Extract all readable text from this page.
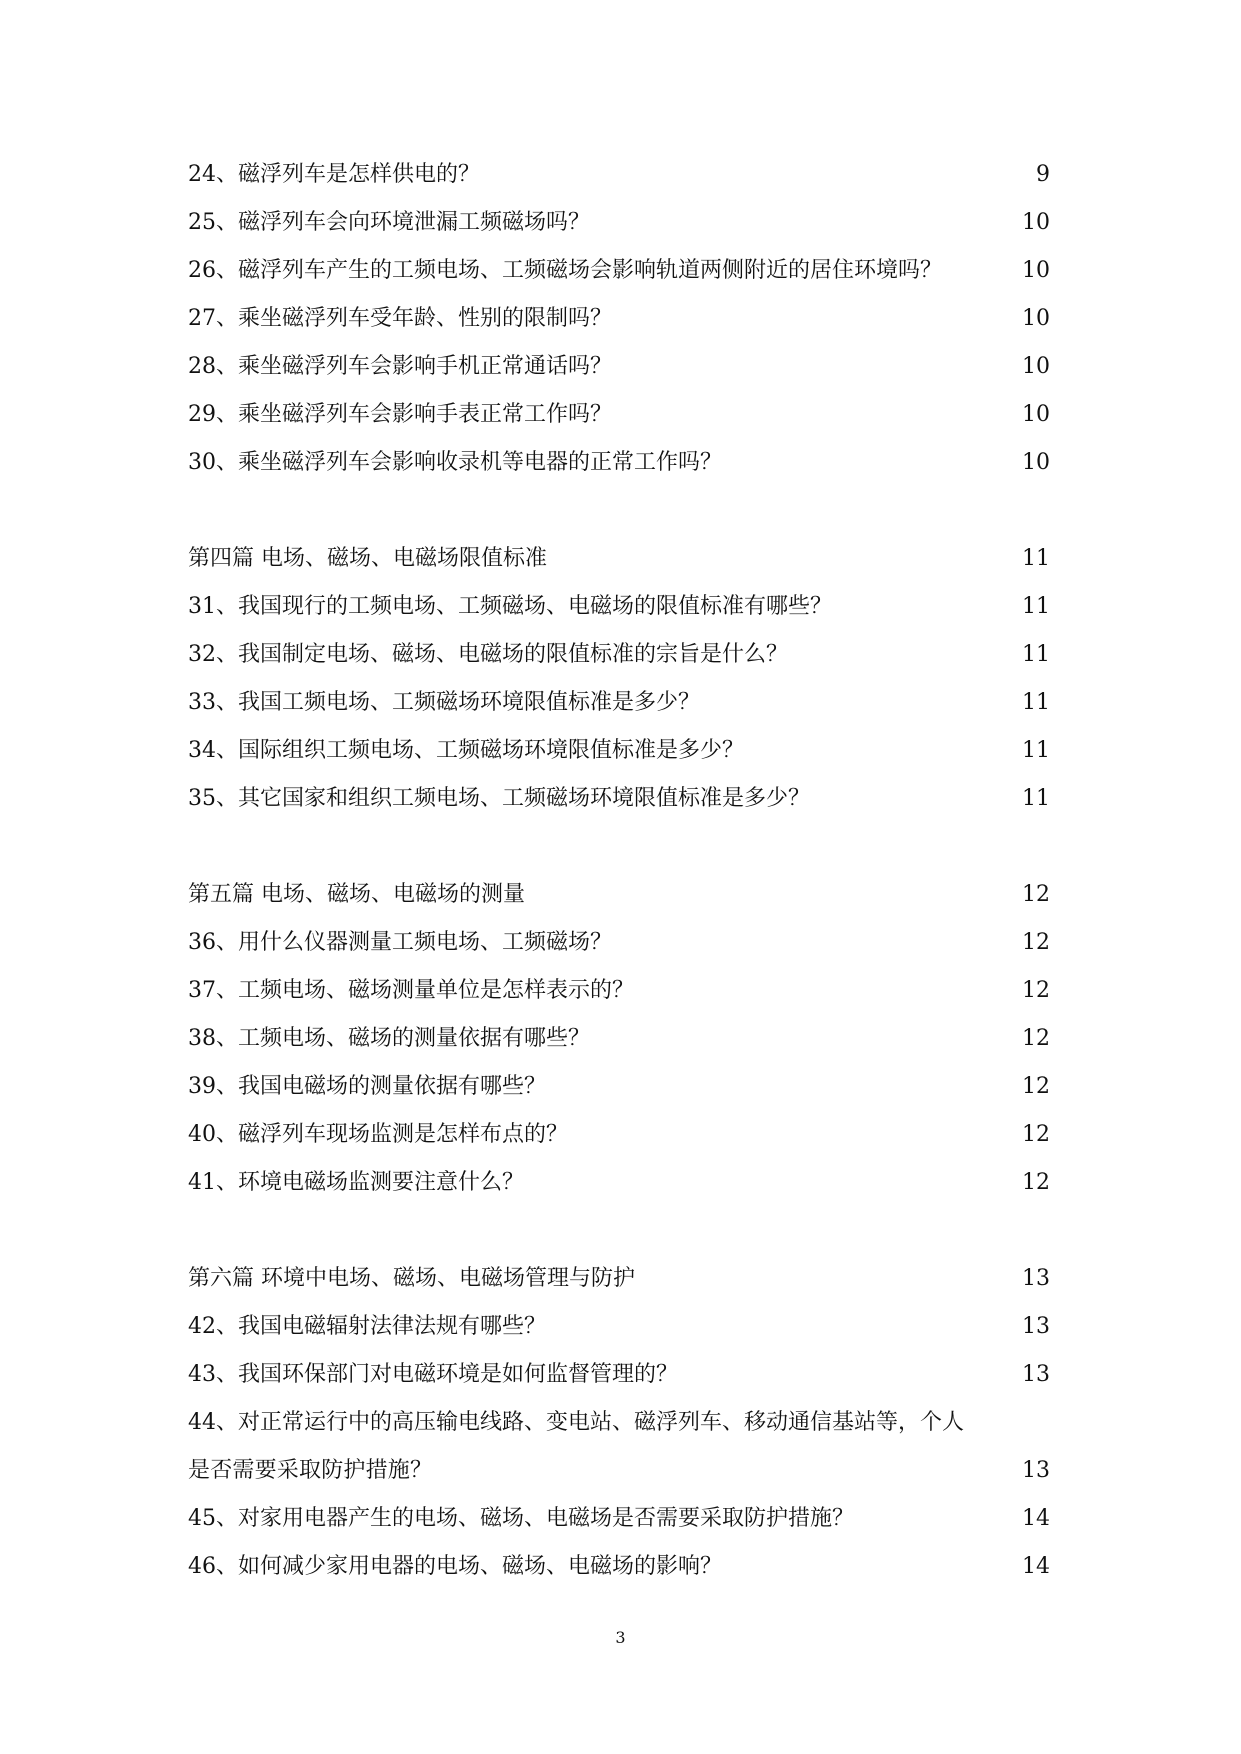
24、磁浮列车是怎样供电的？	9
25、磁浮列车会向环境泄漏工频磁场吗？	10
26、磁浮列车产生的工频电场、工频磁场会影响轨道两侧附近的居住环境吗？	10
27、乘坐磁浮列车受年龄、性别的限制吗？	10
28、乘坐磁浮列车会影响手机正常通话吗？	10
29、乘坐磁浮列车会影响手表正常工作吗？	10
30、乘坐磁浮列车会影响收录机等电器的正常工作吗？	10
第四篇 电场、磁场、电磁场限值标准	11
31、我国现行的工频电场、工频磁场、电磁场的限值标准有哪些？	11
32、我国制定电场、磁场、电磁场的限值标准的宗旨是什么？	11
33、我国工频电场、工频磁场环境限值标准是多少？	11
34、国际组织工频电场、工频磁场环境限值标准是多少？	11
35、其它国家和组织工频电场、工频磁场环境限值标准是多少？	11
第五篇 电场、磁场、电磁场的测量	12
36、用什么仪器测量工频电场、工频磁场？	12
37、工频电场、磁场测量单位是怎样表示的？	12
38、工频电场、磁场的测量依据有哪些？	12
39、我国电磁场的测量依据有哪些？	12
40、磁浮列车现场监测是怎样布点的？	12
41、环境电磁场监测要注意什么？	12
第六篇 环境中电场、磁场、电磁场管理与防护	13
42、我国电磁辐射法律法规有哪些？	13
43、我国环保部门对电磁环境是如何监督管理的？	13
44、对正常运行中的高压输电线路、变电站、磁浮列车、移动通信基站等，个人
是否需要采取防护措施？	13
45、对家用电器产生的电场、磁场、电磁场是否需要采取防护措施？	14
46、如何减少家用电器的电场、磁场、电磁场的影响？	14
3
